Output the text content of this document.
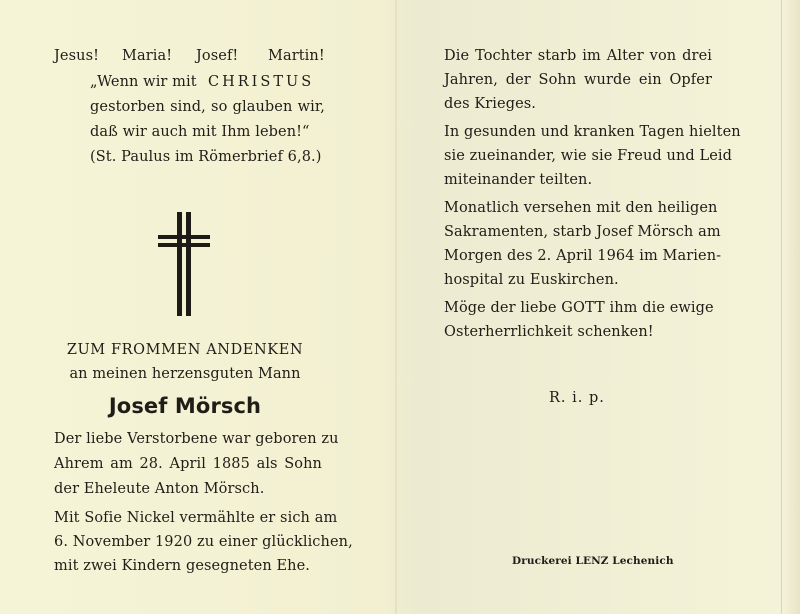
Jesus! Maria! Josef! Martin!
„Wenn wir mit CHRISTUS
gestorben sind, so glauben wir,
daß wir auch mit Ihm leben!“
(St. Paulus im Römerbrief 6,8.)
ZUM FROMMEN ANDENKEN
an meinen herzensguten Mann
Josef Mörsch
Der liebe Verstorbene war geboren zu
Ahrem am 28. April 1885 als Sohn
der Eheleute Anton Mörsch.
Mit Sofie Nickel vermählte er sich am
6. November 1920 zu einer glücklichen,
mit zwei Kindern gesegneten Ehe.
Die Tochter starb im Alter von drei
Jahren, der Sohn wurde ein Opfer
des Krieges.
In gesunden und kranken Tagen hielten
sie zueinander, wie sie Freud und Leid
miteinander teilten.
Monatlich versehen mit den heiligen
Sakramenten, starb Josef Mörsch am
Morgen des 2. April 1964 im Marien-
hospital zu Euskirchen.
Möge der liebe GOTT ihm die ewige
Osterherrlichkeit schenken!
R. i. p.
Druckerei LENZ Lechenich
